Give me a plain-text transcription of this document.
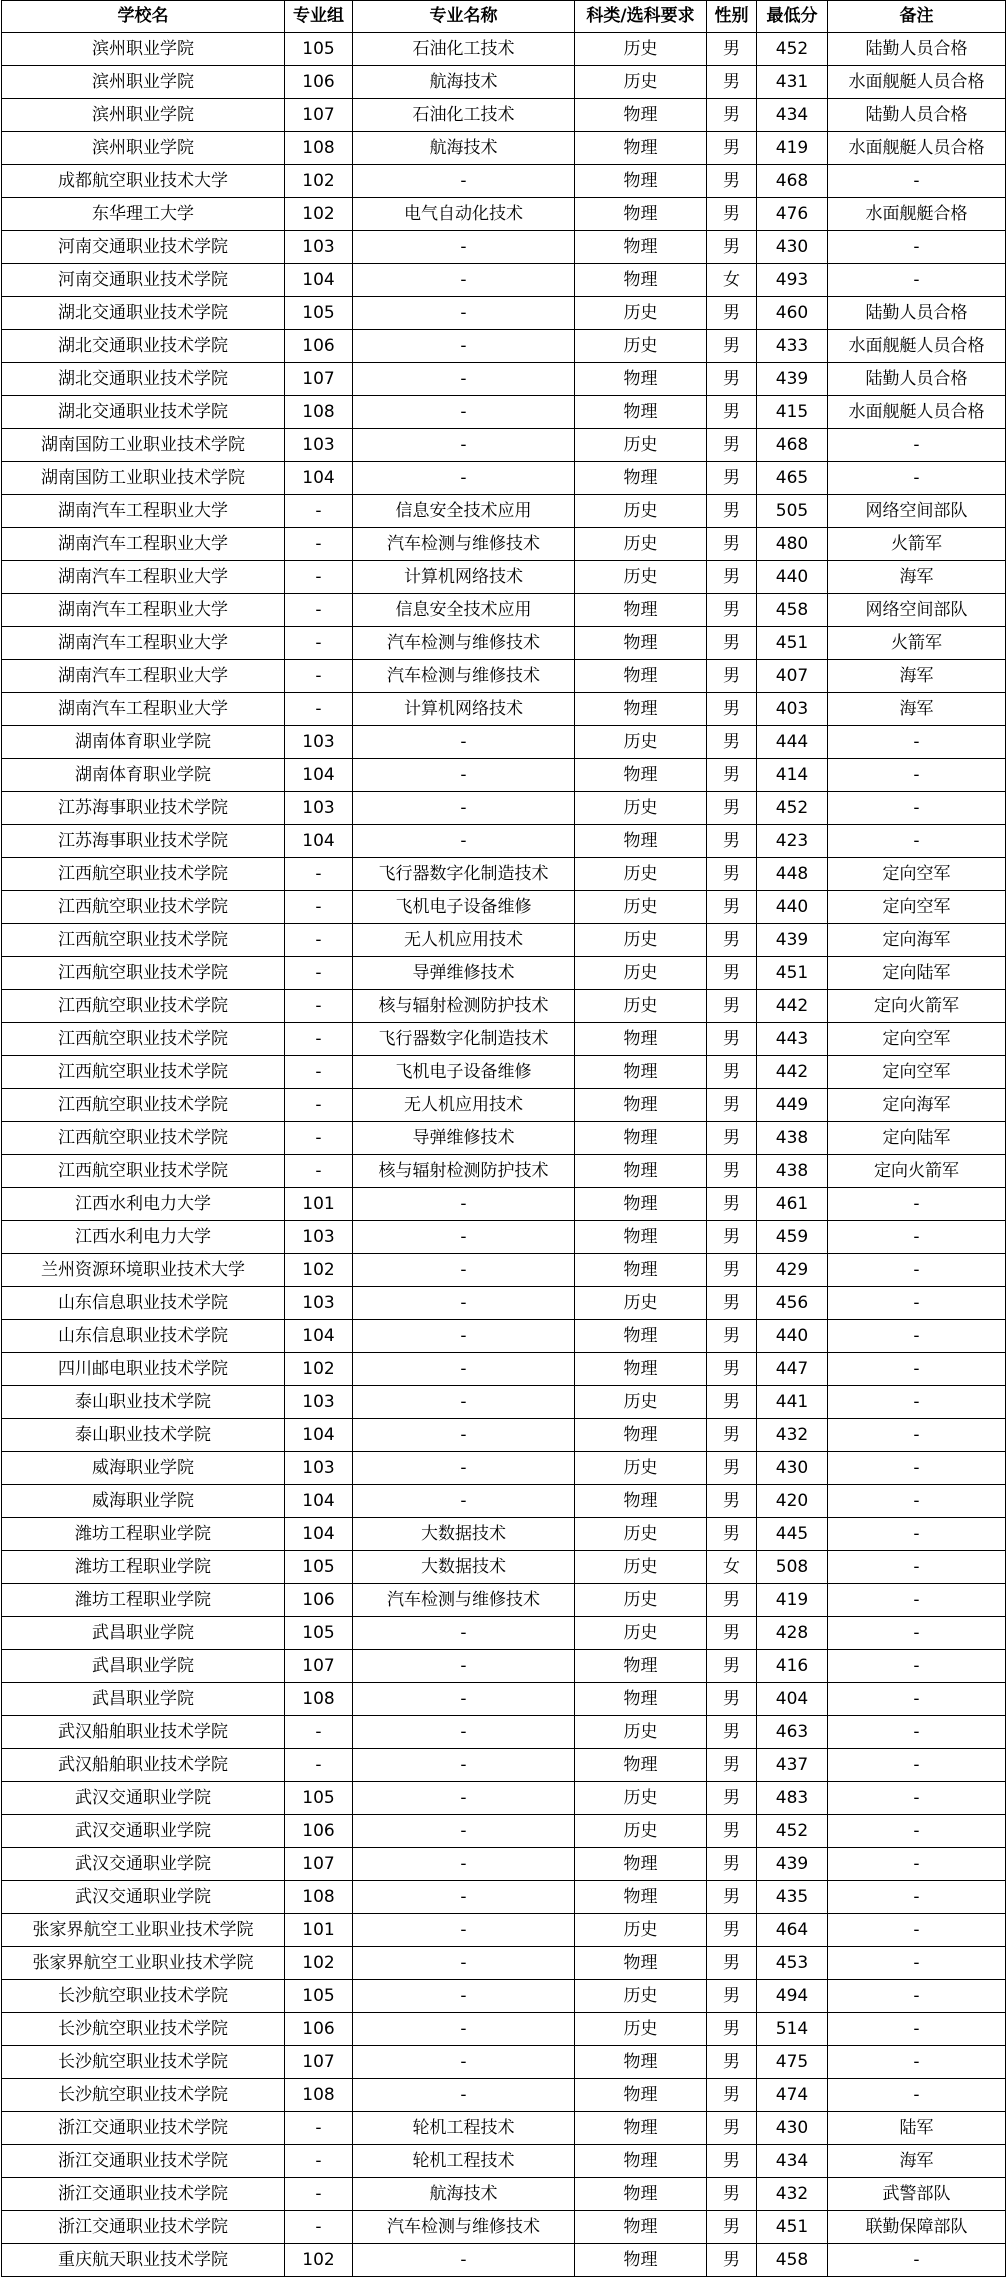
学校名	专业组	专业名称	科类/选科要求	性别	最低分	备注
滨州职业学院	105	石油化工技术	历史	男	452	陆勤人员合格
滨州职业学院	106	航海技术	历史	男	431	水面舰艇人员合格
滨州职业学院	107	石油化工技术	物理	男	434	陆勤人员合格
滨州职业学院	108	航海技术	物理	男	419	水面舰艇人员合格
成都航空职业技术大学	102	-	物理	男	468	-
东华理工大学	102	电气自动化技术	物理	男	476	水面舰艇合格
河南交通职业技术学院	103	-	物理	男	430	-
河南交通职业技术学院	104	-	物理	女	493	-
湖北交通职业技术学院	105	-	历史	男	460	陆勤人员合格
湖北交通职业技术学院	106	-	历史	男	433	水面舰艇人员合格
湖北交通职业技术学院	107	-	物理	男	439	陆勤人员合格
湖北交通职业技术学院	108	-	物理	男	415	水面舰艇人员合格
湖南国防工业职业技术学院	103	-	历史	男	468	-
湖南国防工业职业技术学院	104	-	物理	男	465	-
湖南汽车工程职业大学	-	信息安全技术应用	历史	男	505	网络空间部队
湖南汽车工程职业大学	-	汽车检测与维修技术	历史	男	480	火箭军
湖南汽车工程职业大学	-	计算机网络技术	历史	男	440	海军
湖南汽车工程职业大学	-	信息安全技术应用	物理	男	458	网络空间部队
湖南汽车工程职业大学	-	汽车检测与维修技术	物理	男	451	火箭军
湖南汽车工程职业大学	-	汽车检测与维修技术	物理	男	407	海军
湖南汽车工程职业大学	-	计算机网络技术	物理	男	403	海军
湖南体育职业学院	103	-	历史	男	444	-
湖南体育职业学院	104	-	物理	男	414	-
江苏海事职业技术学院	103	-	历史	男	452	-
江苏海事职业技术学院	104	-	物理	男	423	-
江西航空职业技术学院	-	飞行器数字化制造技术	历史	男	448	定向空军
江西航空职业技术学院	-	飞机电子设备维修	历史	男	440	定向空军
江西航空职业技术学院	-	无人机应用技术	历史	男	439	定向海军
江西航空职业技术学院	-	导弹维修技术	历史	男	451	定向陆军
江西航空职业技术学院	-	核与辐射检测防护技术	历史	男	442	定向火箭军
江西航空职业技术学院	-	飞行器数字化制造技术	物理	男	443	定向空军
江西航空职业技术学院	-	飞机电子设备维修	物理	男	442	定向空军
江西航空职业技术学院	-	无人机应用技术	物理	男	449	定向海军
江西航空职业技术学院	-	导弹维修技术	物理	男	438	定向陆军
江西航空职业技术学院	-	核与辐射检测防护技术	物理	男	438	定向火箭军
江西水利电力大学	101	-	物理	男	461	-
江西水利电力大学	103	-	物理	男	459	-
兰州资源环境职业技术大学	102	-	物理	男	429	-
山东信息职业技术学院	103	-	历史	男	456	-
山东信息职业技术学院	104	-	物理	男	440	-
四川邮电职业技术学院	102	-	物理	男	447	-
泰山职业技术学院	103	-	历史	男	441	-
泰山职业技术学院	104	-	物理	男	432	-
威海职业学院	103	-	历史	男	430	-
威海职业学院	104	-	物理	男	420	-
潍坊工程职业学院	104	大数据技术	历史	男	445	-
潍坊工程职业学院	105	大数据技术	历史	女	508	-
潍坊工程职业学院	106	汽车检测与维修技术	历史	男	419	-
武昌职业学院	105	-	历史	男	428	-
武昌职业学院	107	-	物理	男	416	-
武昌职业学院	108	-	物理	男	404	-
武汉船舶职业技术学院	-	-	历史	男	463	-
武汉船舶职业技术学院	-	-	物理	男	437	-
武汉交通职业学院	105	-	历史	男	483	-
武汉交通职业学院	106	-	历史	男	452	-
武汉交通职业学院	107	-	物理	男	439	-
武汉交通职业学院	108	-	物理	男	435	-
张家界航空工业职业技术学院	101	-	历史	男	464	-
张家界航空工业职业技术学院	102	-	物理	男	453	-
长沙航空职业技术学院	105	-	历史	男	494	-
长沙航空职业技术学院	106	-	历史	男	514	-
长沙航空职业技术学院	107	-	物理	男	475	-
长沙航空职业技术学院	108	-	物理	男	474	-
浙江交通职业技术学院	-	轮机工程技术	物理	男	430	陆军
浙江交通职业技术学院	-	轮机工程技术	物理	男	434	海军
浙江交通职业技术学院	-	航海技术	物理	男	432	武警部队
浙江交通职业技术学院	-	汽车检测与维修技术	物理	男	451	联勤保障部队
重庆航天职业技术学院	102	-	物理	男	458	-
